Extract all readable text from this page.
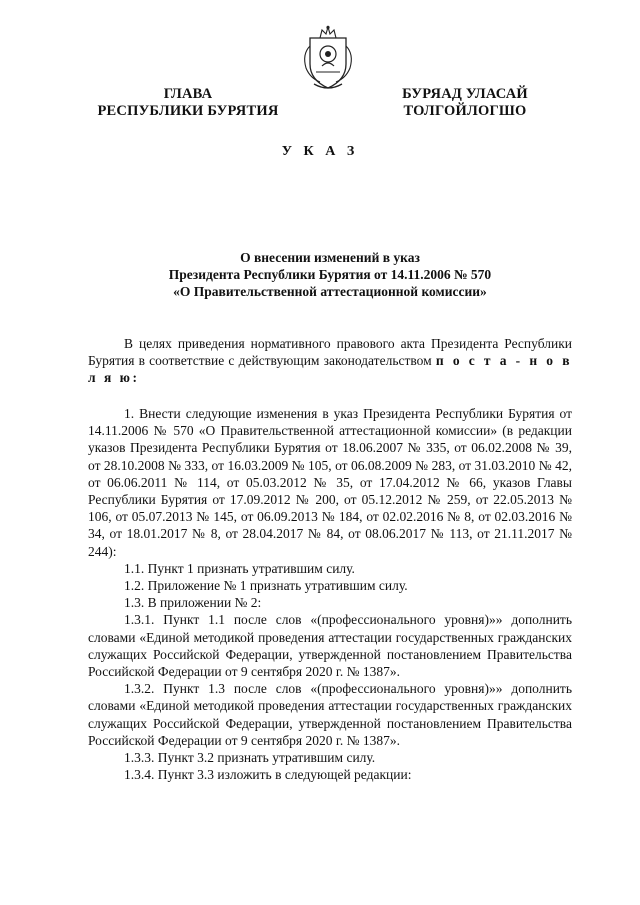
ГЛАВА
РЕСПУБЛИКИ БУРЯТИЯ
БУРЯАД УЛАСАЙ
ТОЛГОЙЛОГШО
У К А З
О внесении изменений в указ
Президента Республики Бурятия от 14.11.2006 № 570
«О Правительственной аттестационной комиссии»
В целях приведения нормативного правового акта Президента Республики Бурятия в соответствие с действующим законодательством п о с т а - н о в л я ю:
1. Внести следующие изменения в указ Президента Республики Бурятия от 14.11.2006 № 570 «О Правительственной аттестационной комиссии» (в редакции указов Президента Республики Бурятия от 18.06.2007 № 335, от 06.02.2008 № 39, от 28.10.2008 № 333, от 16.03.2009 № 105, от 06.08.2009 № 283, от 31.03.2010 № 42, от 06.06.2011 № 114, от 05.03.2012 № 35, от 17.04.2012 № 66, указов Главы Республики Бурятия от 17.09.2012 № 200, от 05.12.2012 № 259, от 22.05.2013 № 106, от 05.07.2013 № 145, от 06.09.2013 № 184, от 02.02.2016 № 8, от 02.03.2016 № 34, от 18.01.2017 № 8, от 28.04.2017 № 84, от 08.06.2017 № 113, от 21.11.2017 № 244):
1.1. Пункт 1 признать утратившим силу.
1.2. Приложение № 1 признать утратившим силу.
1.3. В приложении № 2:
1.3.1. Пункт 1.1 после слов «(профессионального уровня)»» дополнить словами «Единой методикой проведения аттестации государственных гражданских служащих Российской Федерации, утвержденной постановлением Правительства Российской Федерации от 9 сентября 2020 г. № 1387».
1.3.2. Пункт 1.3 после слов «(профессионального уровня)»» дополнить словами «Единой методикой проведения аттестации государственных гражданских служащих Российской Федерации, утвержденной постановлением Правительства Российской Федерации от 9 сентября 2020 г. № 1387».
1.3.3. Пункт 3.2 признать утратившим силу.
1.3.4. Пункт 3.3 изложить в следующей редакции:
